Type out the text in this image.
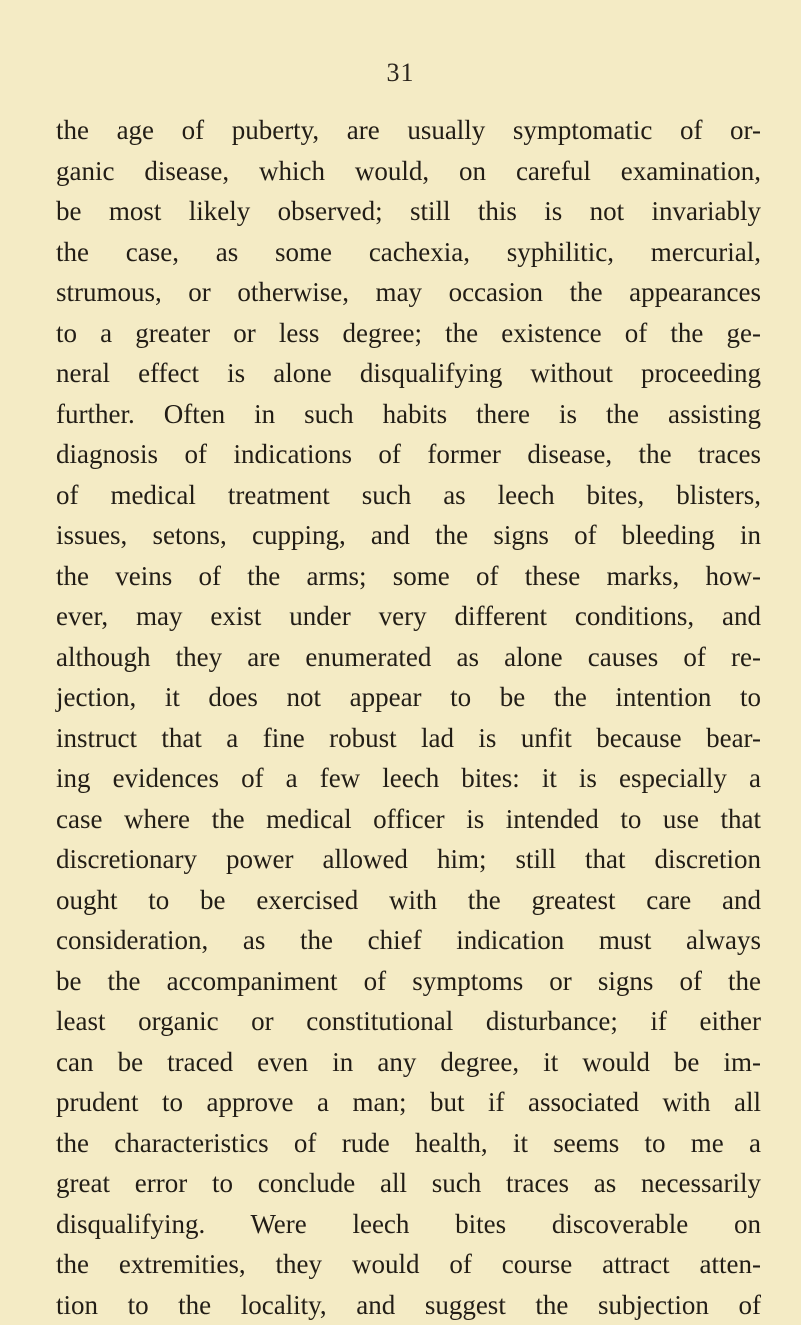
31
the age of puberty, are usually symptomatic of or-
ganic disease, which would, on careful examination,
be most likely observed; still this is not invariably
the case, as some cachexia, syphilitic, mercurial,
strumous, or otherwise, may occasion the appearances
to a greater or less degree; the existence of the ge-
neral effect is alone disqualifying without proceeding
further. Often in such habits there is the assisting
diagnosis of indications of former disease, the traces
of medical treatment such as leech bites, blisters,
issues, setons, cupping, and the signs of bleeding in
the veins of the arms; some of these marks, how-
ever, may exist under very different conditions, and
although they are enumerated as alone causes of re-
jection, it does not appear to be the intention to
instruct that a fine robust lad is unfit because bear-
ing evidences of a few leech bites: it is especially a
case where the medical officer is intended to use that
discretionary power allowed him; still that discretion
ought to be exercised with the greatest care and
consideration, as the chief indication must always
be the accompaniment of symptoms or signs of the
least organic or constitutional disturbance; if either
can be traced even in any degree, it would be im-
prudent to approve a man; but if associated with all
the characteristics of rude health, it seems to me a
great error to conclude all such traces as necessarily
disqualifying. Were leech bites discoverable on
the extremities, they would of course attract atten-
tion to the locality, and suggest the subjection of
